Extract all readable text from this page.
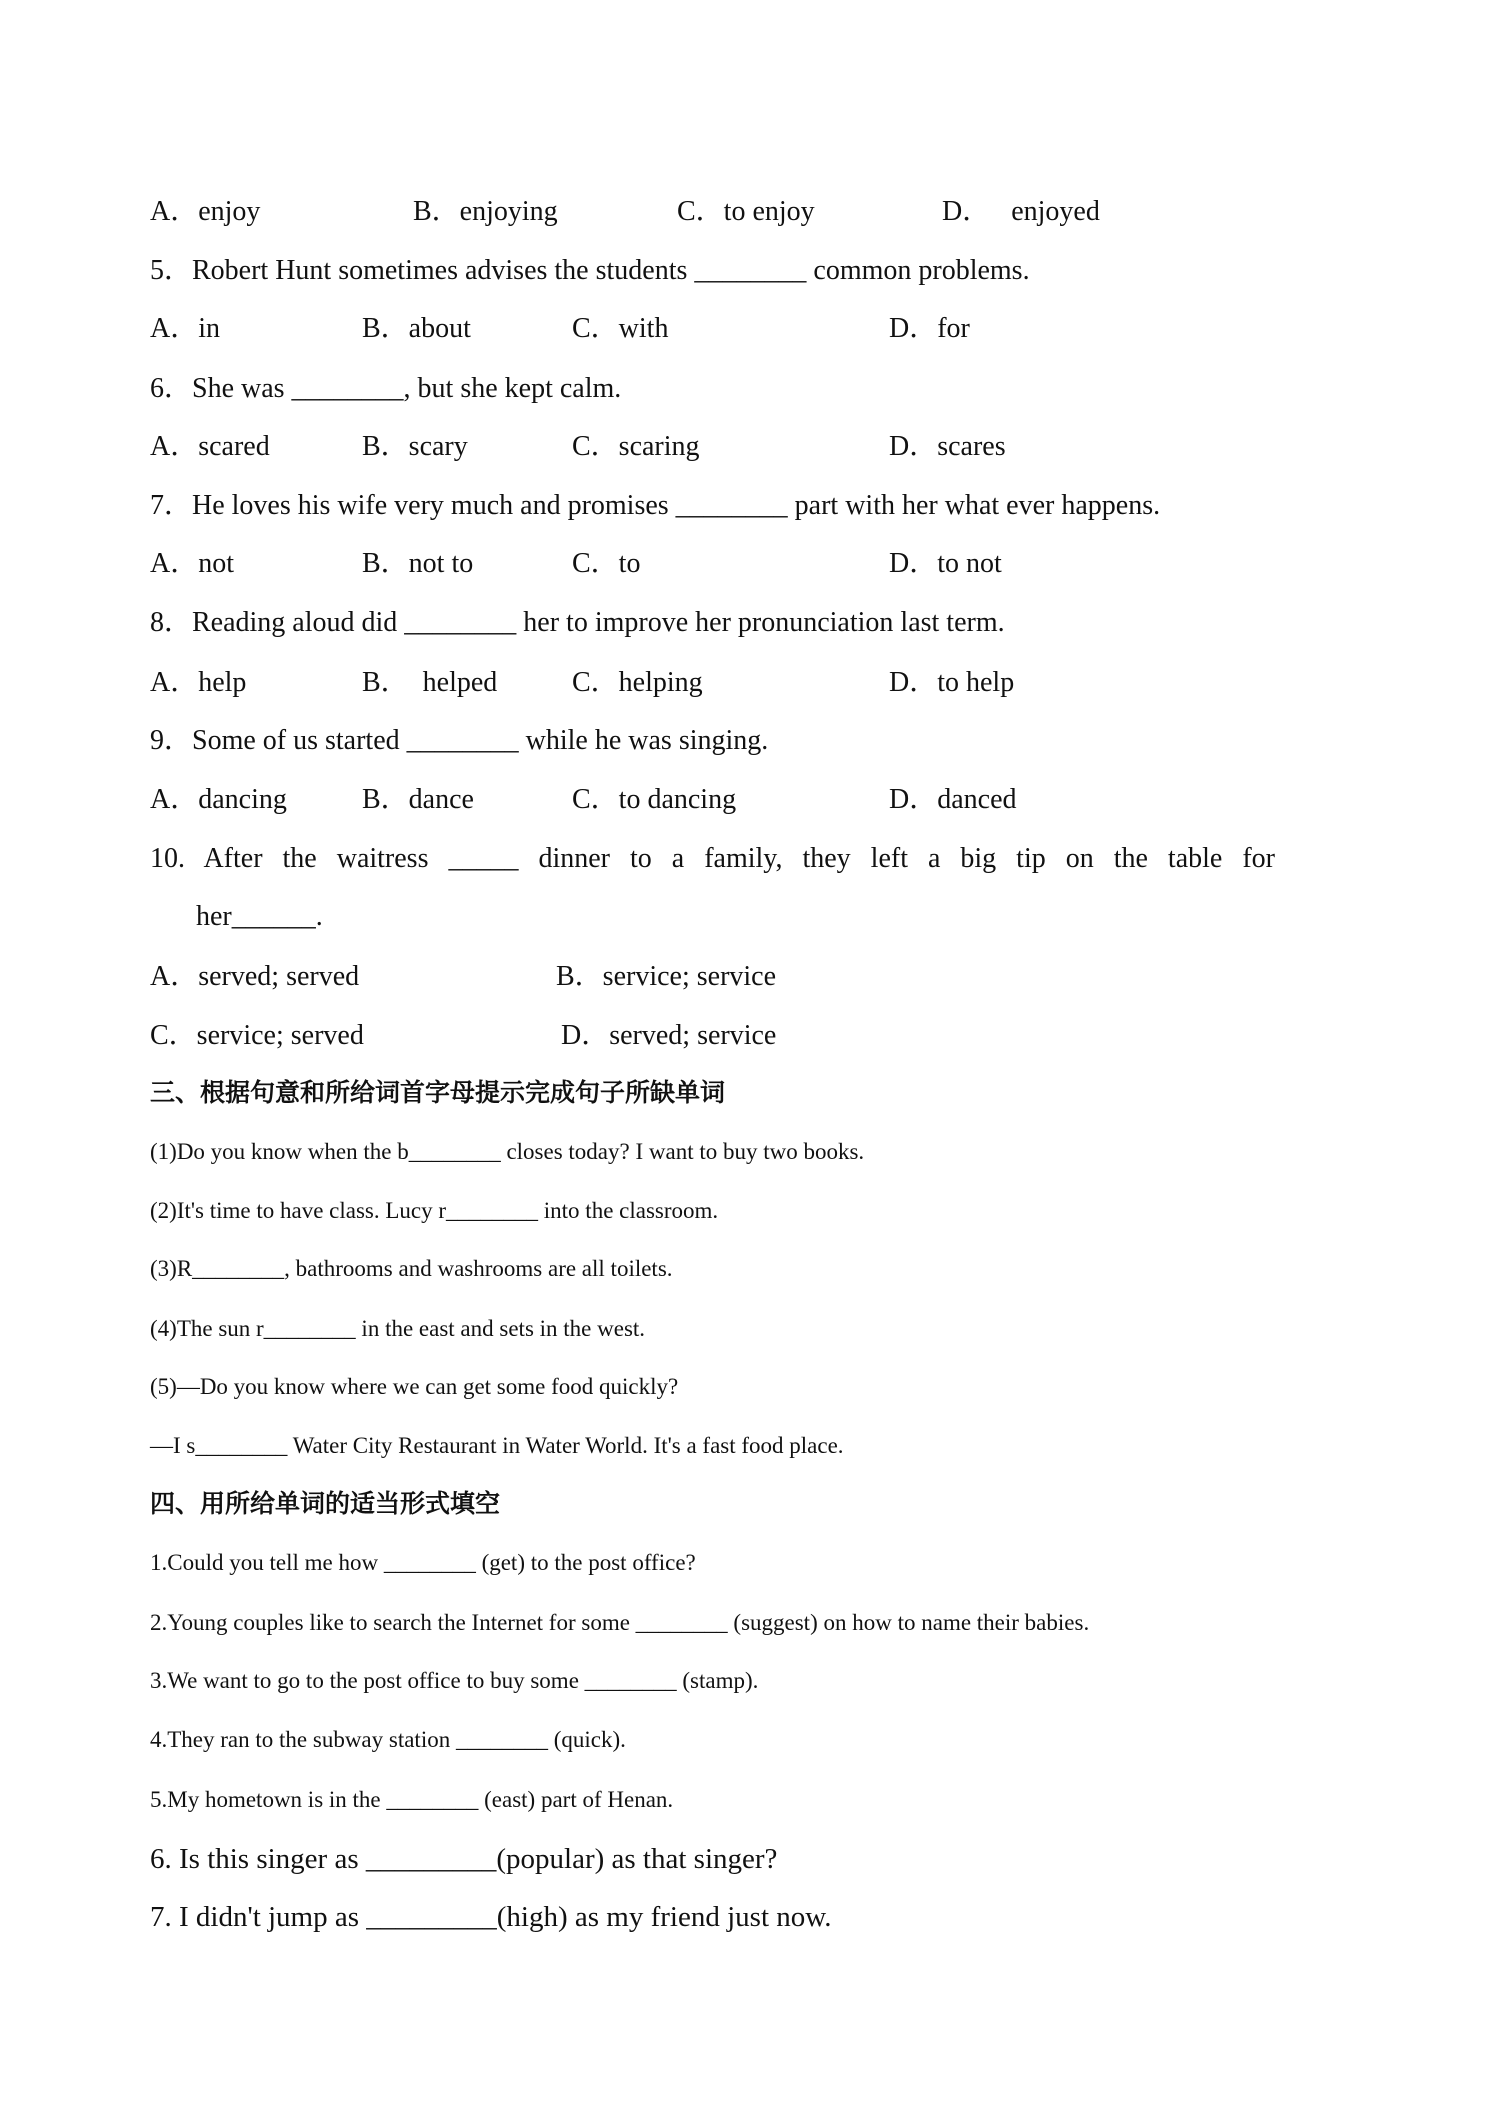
A．enjoy	B．enjoying	C．to enjoy	D．   enjoyed
5．Robert Hunt sometimes advises the students ________ common problems.
A．in	B．about	C．with	D．for
6．She was ________, but she kept calm.
A．scared	B．scary	C．scaring	D．scares
7．He loves his wife very much and promises ________ part with her what ever happens.
A．not	B．not to	C．to	D．to not
8．Reading aloud did ________ her to improve her pronunciation last term.
A．help	B．  helped	C．helping	D．to help
9．Some of us started ________ while he was singing.
A．dancing	B．dance	C．to dancing	D．danced
10. After the waitress _____ dinner to a family, they left a big tip on the table for
her______.
A．served; served	B．service; service
C．service; served	D．served; service
三、根据句意和所给词首字母提示完成句子所缺单词
(1)Do you know when the b________ closes today? I want to buy two books.
(2)It's time to have class. Lucy r________ into the classroom.
(3)R________, bathrooms and washrooms are all toilets.
(4)The sun r________ in the east and sets in the west.
(5)—Do you know where we can get some food quickly?
—I s________ Water City Restaurant in Water World. It's a fast food place.
四、用所给单词的适当形式填空
1.Could you tell me how ________ (get) to the post office?
2.Young couples like to search the Internet for some ________ (suggest) on how to name their babies.
3.We want to go to the post office to buy some ________ (stamp).
4.They ran to the subway station ________ (quick).
5.My hometown is in the ________ (east) part of Henan.
6. Is this singer as _________(popular) as that singer?
7. I didn't jump as _________(high) as my friend just now.
